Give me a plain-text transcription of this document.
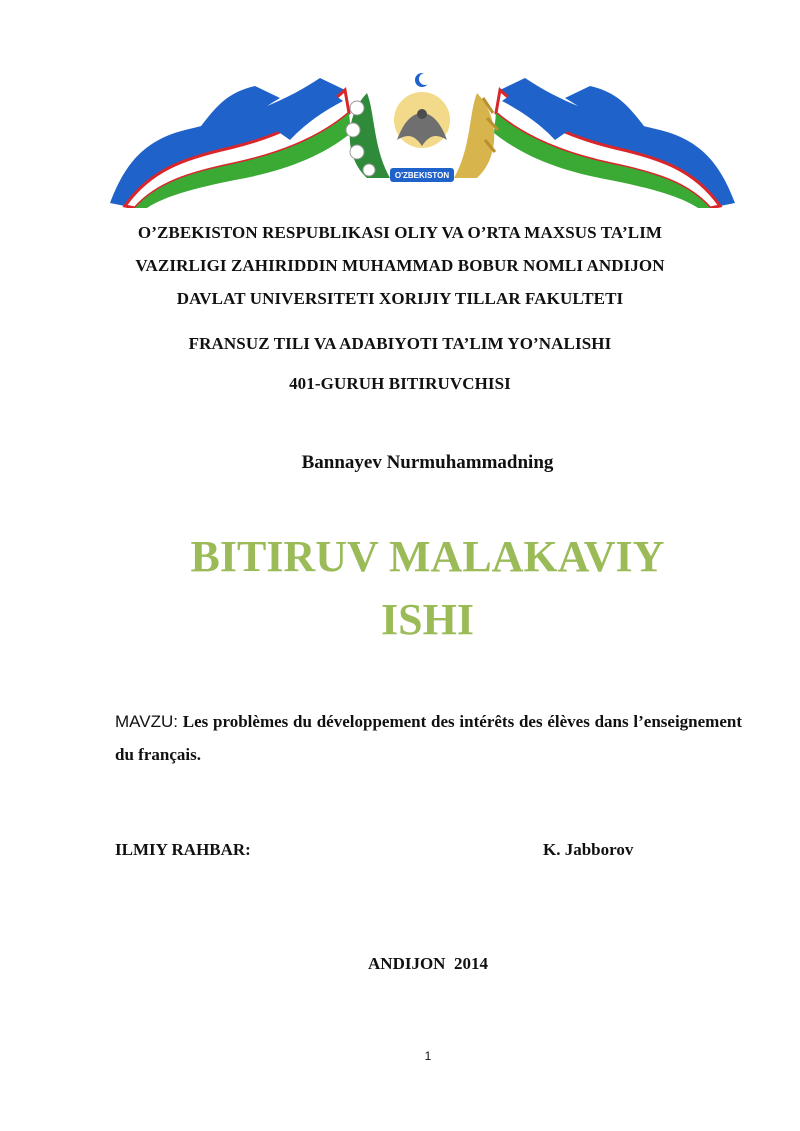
O'ZBEKISTON
O’ZBEKISTON RESPUBLIKASI OLIY VA O’RTA MAXSUS TA’LIM
VAZIRLIGI ZAHIRIDDIN MUHAMMAD BOBUR NOMLI ANDIJON
DAVLAT UNIVERSITETI XORIJIY TILLAR FAKULTETI
FRANSUZ TILI VA ADABIYOTI TA’LIM YO’NALISHI
401-GURUH BITIRUVCHISI
Bannayev Nurmuhammadning
BITIRUV MALAKAVIY
ISHI
MAVZU: Les problèmes du développement des intérêts des élèves dans l’enseignement du français.
ILMIY RAHBAR:	K. Jabborov
ANDIJON  2014
1
